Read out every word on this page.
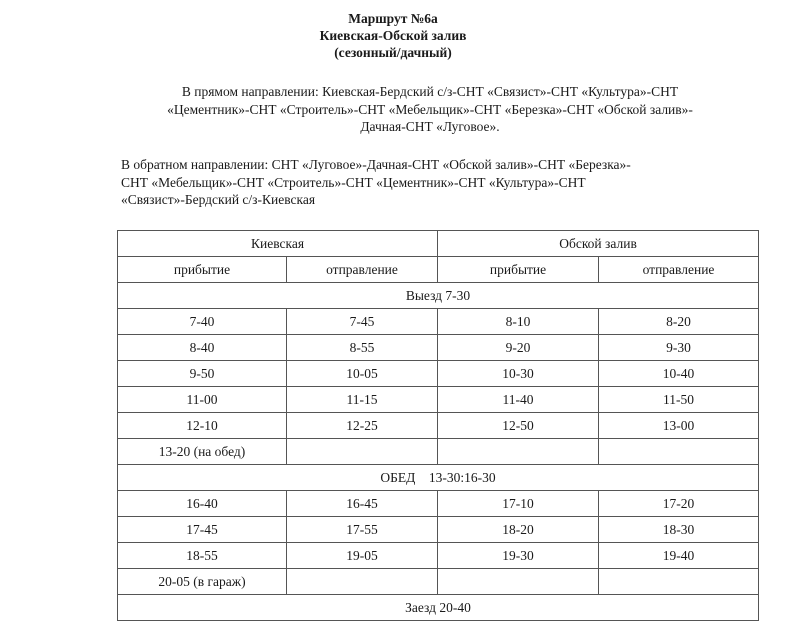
Маршрут №6а
Киевская-Обской залив
(сезонный/дачный)
В прямом направлении: Киевская-Бердский с/з-СНТ «Связист»-СНТ «Культура»-СНТ
«Цементник»-СНТ «Строитель»-СНТ «Мебельщик»-СНТ «Березка»-СНТ «Обской залив»-
Дачная-СНТ «Луговое».
В обратном направлении: СНТ «Луговое»-Дачная-СНТ «Обской залив»-СНТ «Березка»-
СНТ «Мебельщик»-СНТ «Строитель»-СНТ «Цементник»-СНТ «Культура»-СНТ
«Связист»-Бердский с/з-Киевская
Киевская		Обской залив	
прибытие	отправление	прибытие	отправление
Выезд 7-30			
7-40	7-45	8-10	8-20
8-40	8-55	9-20	9-30
9-50	10-05	10-30	10-40
11-00	11-15	11-40	11-50
12-10	12-25	12-50	13-00
13-20 (на обед)			
ОБЕД    13-30:16-30			
16-40	16-45	17-10	17-20
17-45	17-55	18-20	18-30
18-55	19-05	19-30	19-40
20-05 (в гараж)			
Заезд 20-40			
